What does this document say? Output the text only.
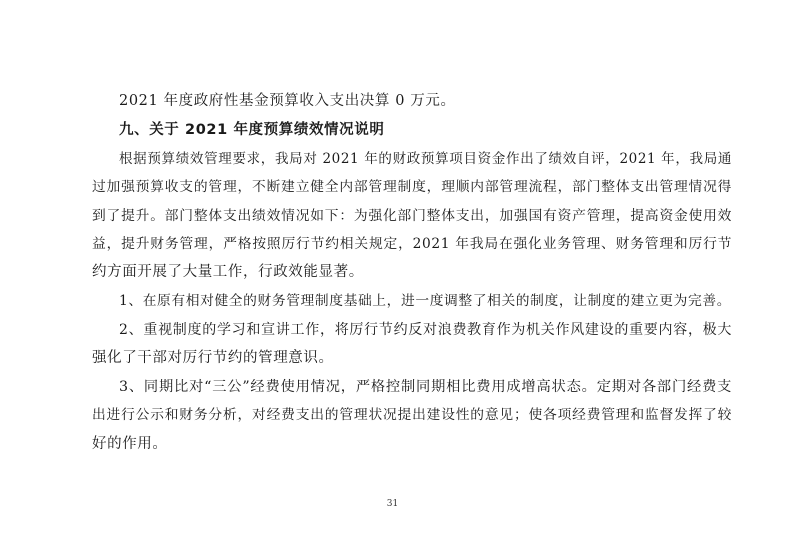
2021 年度政府性基金预算收入支出决算 0 万元。
九、关于 2021 年度预算绩效情况说明
根据预算绩效管理要求，我局对 2021 年的财政预算项目资金作出了绩效自评，2021 年，我局通
过加强预算收支的管理，不断建立健全内部管理制度，理顺内部管理流程，部门整体支出管理情况得
到了提升。部门整体支出绩效情况如下：为强化部门整体支出，加强国有资产管理，提高资金使用效
益，提升财务管理，严格按照厉行节约相关规定，2021 年我局在强化业务管理、财务管理和厉行节
约方面开展了大量工作，行政效能显著。
1、在原有相对健全的财务管理制度基础上，进一度调整了相关的制度，让制度的建立更为完善。
2、重视制度的学习和宣讲工作，将厉行节约反对浪费教育作为机关作风建设的重要内容，极大
强化了干部对厉行节约的管理意识。
3、同期比对“三公”经费使用情况，严格控制同期相比费用成增高状态。定期对各部门经费支
出进行公示和财务分析，对经费支出的管理状况提出建设性的意见；使各项经费管理和监督发挥了较
好的作用。
31
